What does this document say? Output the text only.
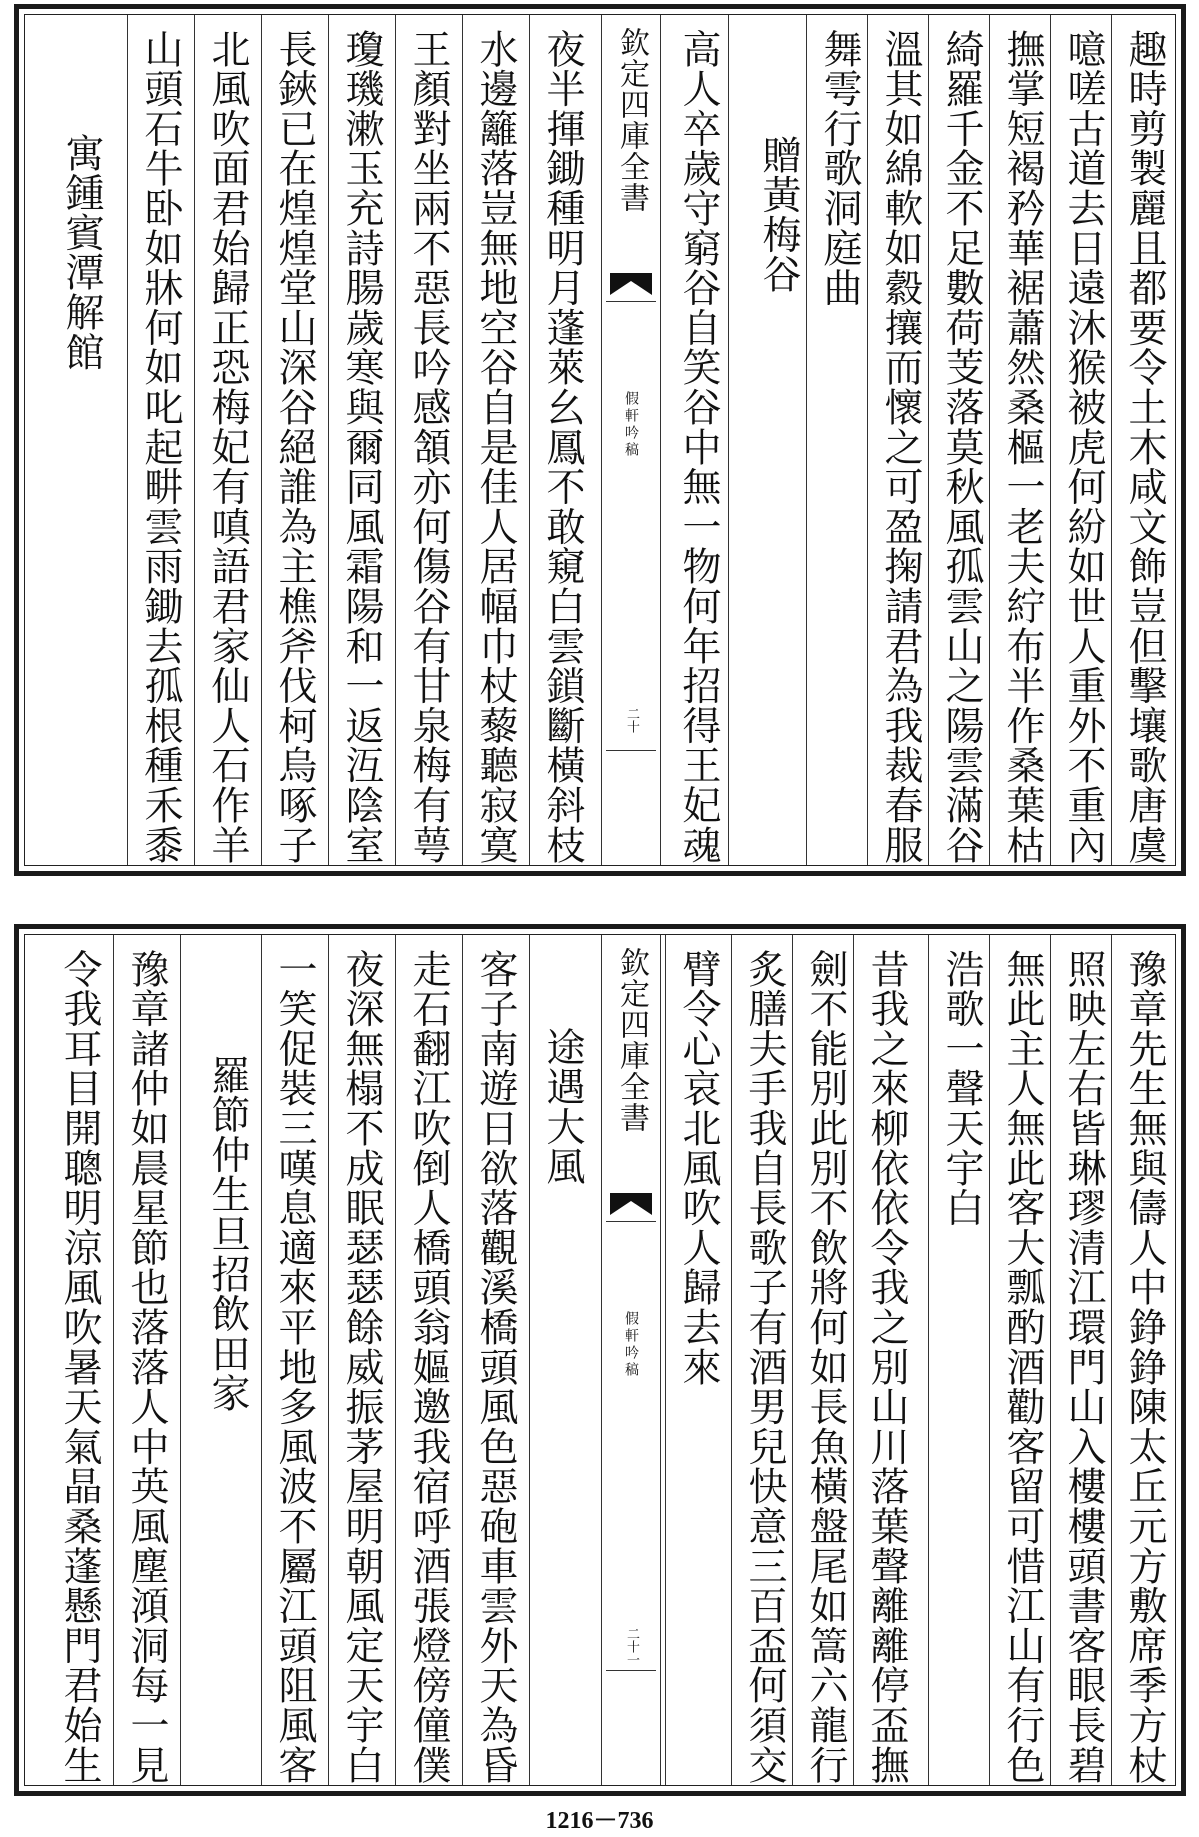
趣時剪製麗且都要令土木咸文飾豈但擊壤歌唐虞
噫嗟古道去日遠沐猴被虎何紛如世人重外不重內
撫掌短褐矜華裾蕭然桑樞一老夫紵布半作桑葉枯
綺羅千金不足數荷芰落莫秋風孤雲山之陽雲滿谷
溫其如綿軟如縠攘而懷之可盈掬請君為我裁春服
舞雩行歌洞庭曲
贈黃梅谷
高人卒歲守窮谷自笑谷中無一物何年招得王妃魂
欽定四庫全書
假軒吟稿
二十
夜半揮鋤種明月蓬萊幺鳳不敢窺白雲鎖斷橫斜枝
水邊籬落豈無地空谷自是佳人居幅巾杖藜聽寂寞
王顏對坐兩不惡長吟感頷亦何傷谷有甘泉梅有萼
瓊璣漱玉充詩腸歲寒與爾同風霜陽和一返沍陰室
長鋏已在煌煌堂山深谷絕誰為主樵斧伐柯烏啄子
北風吹面君始歸正恐梅妃有嗔語君家仙人石作羊
山頭石牛卧如牀何如叱起畊雲雨鋤去孤根種禾黍
寓鍾賓潭解館
豫章先生無與儔人中錚錚陳太丘元方敷席季方杖
照映左右皆琳璆清江環門山入樓樓頭書客眼長碧
無此主人無此客大瓢酌酒勸客留可惜江山有行色
浩歌一聲天宇白
昔我之來柳依依令我之別山川落葉聲離離停盃撫
劍不能別此別不飲將何如長魚橫盤尾如篙六龍行
炙膳夫手我自長歌子有酒男兒快意三百盃何須交
臂令心哀北風吹人歸去來
欽定四庫全書
假軒吟稿
二十一
途遇大風
客子南遊日欲落觀溪橋頭風色惡砲車雲外天為昏
走石翻江吹倒人橋頭翁嫗邀我宿呼酒張燈傍僮僕
夜深無榻不成眠瑟瑟餘威振茅屋明朝風定天宇白
一笑促裝三嘆息適來平地多風波不屬江頭阻風客
羅節仲生旦招飲田家
豫章諸仲如晨星節也落落人中英風塵澒洞每一見
令我耳目開聰明涼風吹暑天氣晶桑蓬懸門君始生
1216－736
